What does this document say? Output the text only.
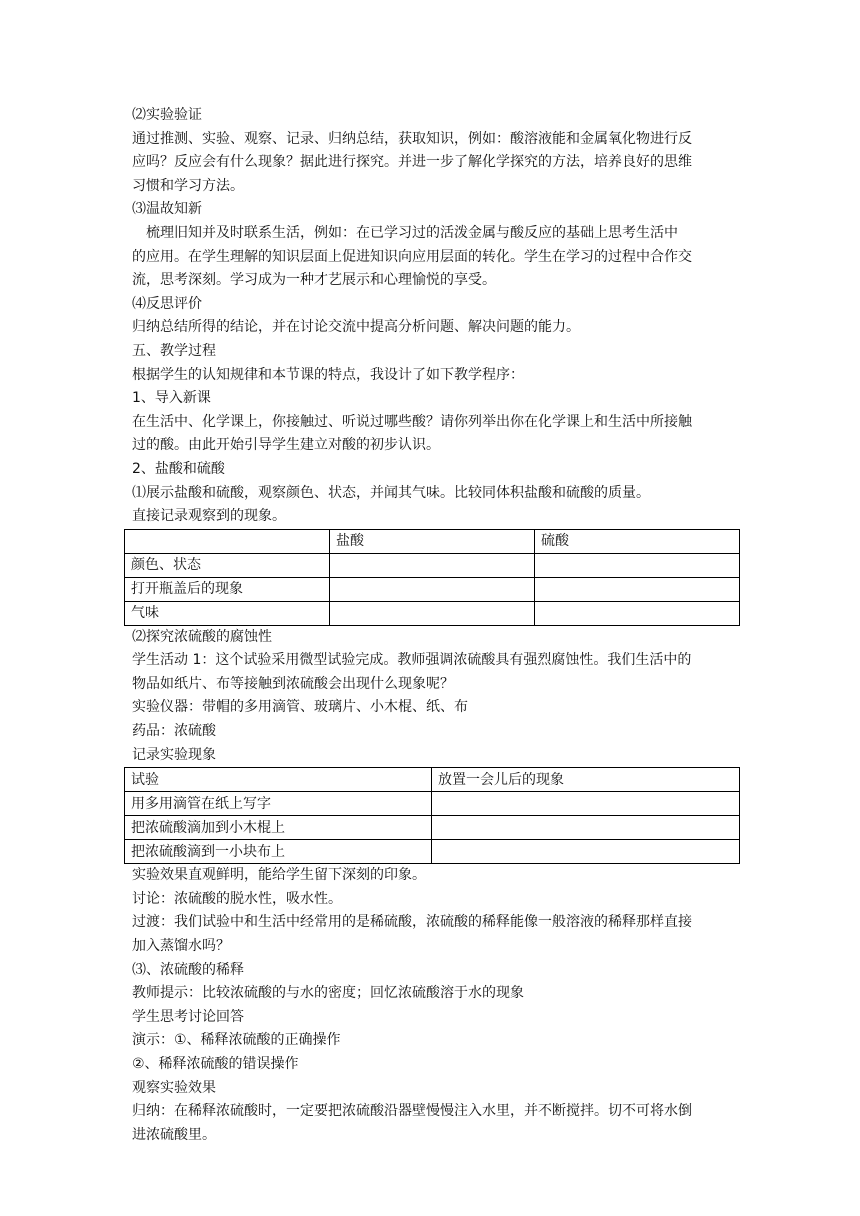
⑵实验验证
通过推测、实验、观察、记录、归纳总结，获取知识，例如：酸溶液能和金属氧化物进行反
应吗？反应会有什么现象？据此进行探究。并进一步了解化学探究的方法，培养良好的思维
习惯和学习方法。
⑶温故知新
梳理旧知并及时联系生活，例如：在已学习过的活泼金属与酸反应的基础上思考生活中
的应用。在学生理解的知识层面上促进知识向应用层面的转化。学生在学习的过程中合作交
流，思考深刻。学习成为一种才艺展示和心理愉悦的享受。
⑷反思评价
归纳总结所得的结论，并在讨论交流中提高分析问题、解决问题的能力。
五、教学过程
根据学生的认知规律和本节课的特点，我设计了如下教学程序：
1、导入新课
在生活中、化学课上，你接触过、听说过哪些酸？请你列举出你在化学课上和生活中所接触
过的酸。由此开始引导学生建立对酸的初步认识。
2、盐酸和硫酸
⑴展示盐酸和硫酸，观察颜色、状态，并闻其气味。比较同体积盐酸和硫酸的质量。
直接记录观察到的现象。
	盐酸	硫酸
颜色、状态		
打开瓶盖后的现象		
气味		
⑵探究浓硫酸的腐蚀性
学生活动 1：这个试验采用微型试验完成。教师强调浓硫酸具有强烈腐蚀性。我们生活中的
物品如纸片、布等接触到浓硫酸会出现什么现象呢？
实验仪器：带帽的多用滴管、玻璃片、小木棍、纸、布
药品：浓硫酸
记录实验现象
试验	放置一会儿后的现象
用多用滴管在纸上写字	
把浓硫酸滴加到小木棍上	
把浓硫酸滴到一小块布上	
实验效果直观鲜明，能给学生留下深刻的印象。
讨论：浓硫酸的脱水性，吸水性。
过渡：我们试验中和生活中经常用的是稀硫酸，浓硫酸的稀释能像一般溶液的稀释那样直接
加入蒸馏水吗？
⑶、浓硫酸的稀释
教师提示：比较浓硫酸的与水的密度；回忆浓硫酸溶于水的现象
学生思考讨论回答
演示：①、稀释浓硫酸的正确操作
②、稀释浓硫酸的错误操作
观察实验效果
归纳：在稀释浓硫酸时，一定要把浓硫酸沿器壁慢慢注入水里，并不断搅拌。切不可将水倒
进浓硫酸里。
